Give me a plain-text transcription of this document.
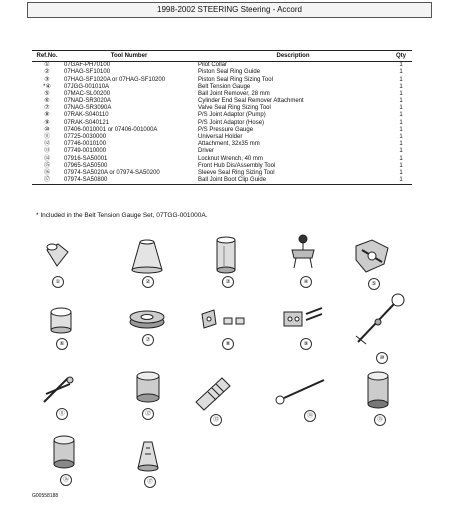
1998-2002 STEERING Steering - Accord
Ref.No.	Tool Number	Description	Qty
①	07GAF-PH70100	Pilot Collar	1
②	07HAG-SF10100	Piston Seal Ring Guide	1
③	07HAG-SF1020A or 07HAG-SF10200	Piston Seal Ring Sizing Tool	1
*④	07JGG-001010A	Belt Tension Gauge	1
⑤	07MAC-SL00200	Ball Joint Remover, 28 mm	1
⑥	07NAD-SR3020A	Cylinder End Seal Remover Attachment	1
⑦	07NAG-SR3090A	Valve Seal Ring Sizing Tool	1
⑧	07RAK-S040110	P/S Joint Adaptor (Pump)	1
⑨	07RAK-S040121	P/S Joint Adaptor (Hose)	1
⑩	07406-0010001 or 07406-001000A	P/S Pressure Gauge	1
⑪	07725-0030000	Universal Holder	1
⑫	07746-0010100	Attachment, 32x35 mm	1
⑬	07749-0010000	Driver	1
⑭	07916-SA50001	Locknut Wrench, 40 mm	1
⑮	07965-SA50500	Front Hub Dis/Assembly Tool	1
⑯	07974-SA5020A or 07974-SA50200	Sleeve Seal Ring Sizing Tool	1
⑰	07974-SA50800	Ball Joint Boot Clip Guide	1
* Included in the Belt Tension Gauge Set, 07TGG-001000A.
G00558188
①	②	③	④	⑤
⑥
⑦
⑧	⑨
⑩
⑪	⑫
⑬
⑭
⑮
⑯	⑰
